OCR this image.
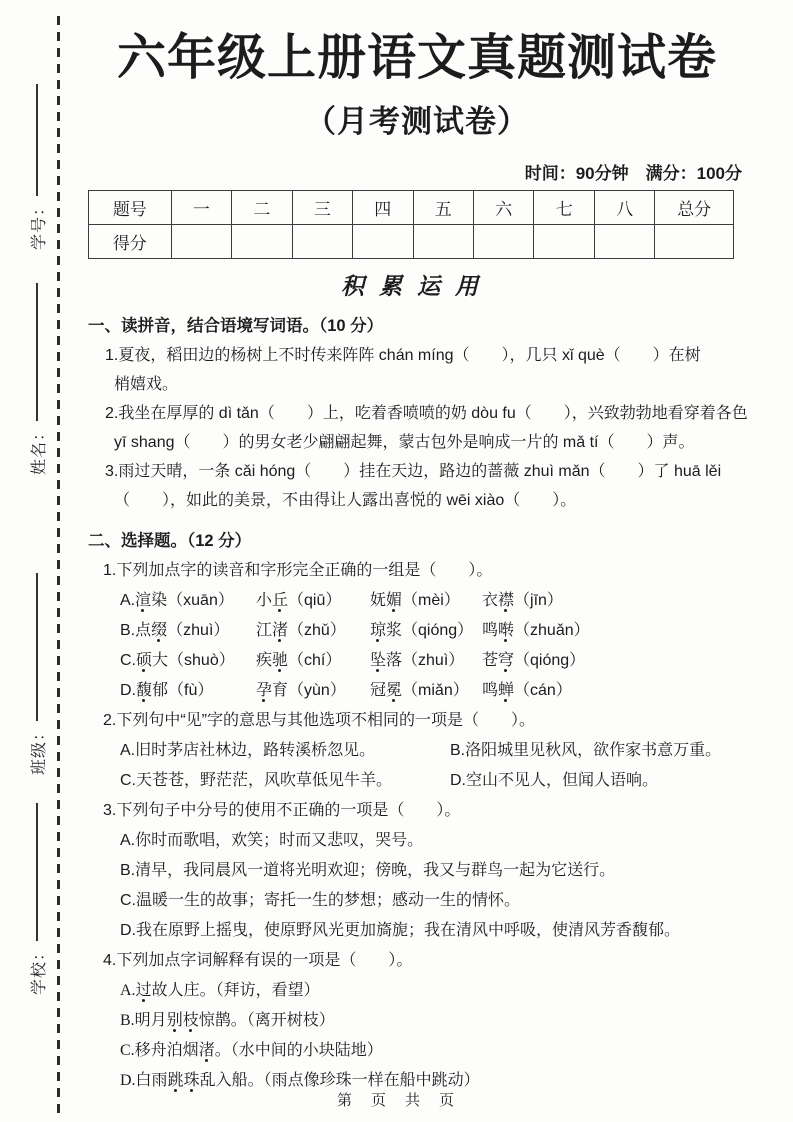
学号：
姓名：
班级：
学校：
六年级上册语文真题测试卷
（月考测试卷）
时间：90分钟　满分：100分
题号	一	二	三	四	五	六	七	八	总分
得分									
积累运用
一、读拼音，结合语境写词语。（10 分）
1.夏夜，稻田边的杨树上不时传来阵阵 chán míng（　　），几只 xǐ què（　　）在树
梢嬉戏。
2.我坐在厚厚的 dì tǎn（　　）上，吃着香喷喷的奶 dòu fu（　　），兴致勃勃地看穿着各色
yī shang（　　）的男女老少翩翩起舞，蒙古包外是响成一片的 mǎ tí（　　）声。
3.雨过天晴，一条 cǎi hóng（　　）挂在天边，路边的蔷薇 zhuì mǎn（　　）了 huā lěi
（　　），如此的美景，不由得让人露出喜悦的 wēi xiào（　　）。
二、选择题。（12 分）
1.下列加点字的读音和字形完全正确的一组是（　　）。
A.渲染（xuān）	小丘（qiū）	妩媚（mèi）	衣襟（jīn）
B.点缀（zhuì）	江渚（zhǔ）	琼浆（qióng） 鸣啭（zhuǎn）
C.硕大（shuò）	疾驰（chí）	坠落（zhuì）	苍穹（qióng）
D.馥郁（fù）	孕育（yùn）	冠冕（miǎn） 鸣蝉（cán）
2.下列句中“见”字的意思与其他选项不相同的一项是（　　）。
A.旧时茅店社林边，路转溪桥忽见。	B.洛阳城里见秋风，欲作家书意万重。
C.天苍苍，野茫茫，风吹草低见牛羊。	D.空山不见人，但闻人语响。
3.下列句子中分号的使用不正确的一项是（　　）。
A.你时而歌唱，欢笑；时而又悲叹，哭号。
B.清早，我同晨风一道将光明欢迎；傍晚，我又与群鸟一起为它送行。
C.温暖一生的故事；寄托一生的梦想；感动一生的情怀。
D.我在原野上摇曳，使原野风光更加旖旎；我在清风中呼吸，使清风芳香馥郁。
4.下列加点字词解释有误的一项是（　　）。
A.过故人庄。（拜访，看望）
B.明月别枝惊鹊。（离开树枝）
C.移舟泊烟渚。（水中间的小块陆地）
D.白雨跳珠乱入船。（雨点像珍珠一样在船中跳动）
第　页　共　页
